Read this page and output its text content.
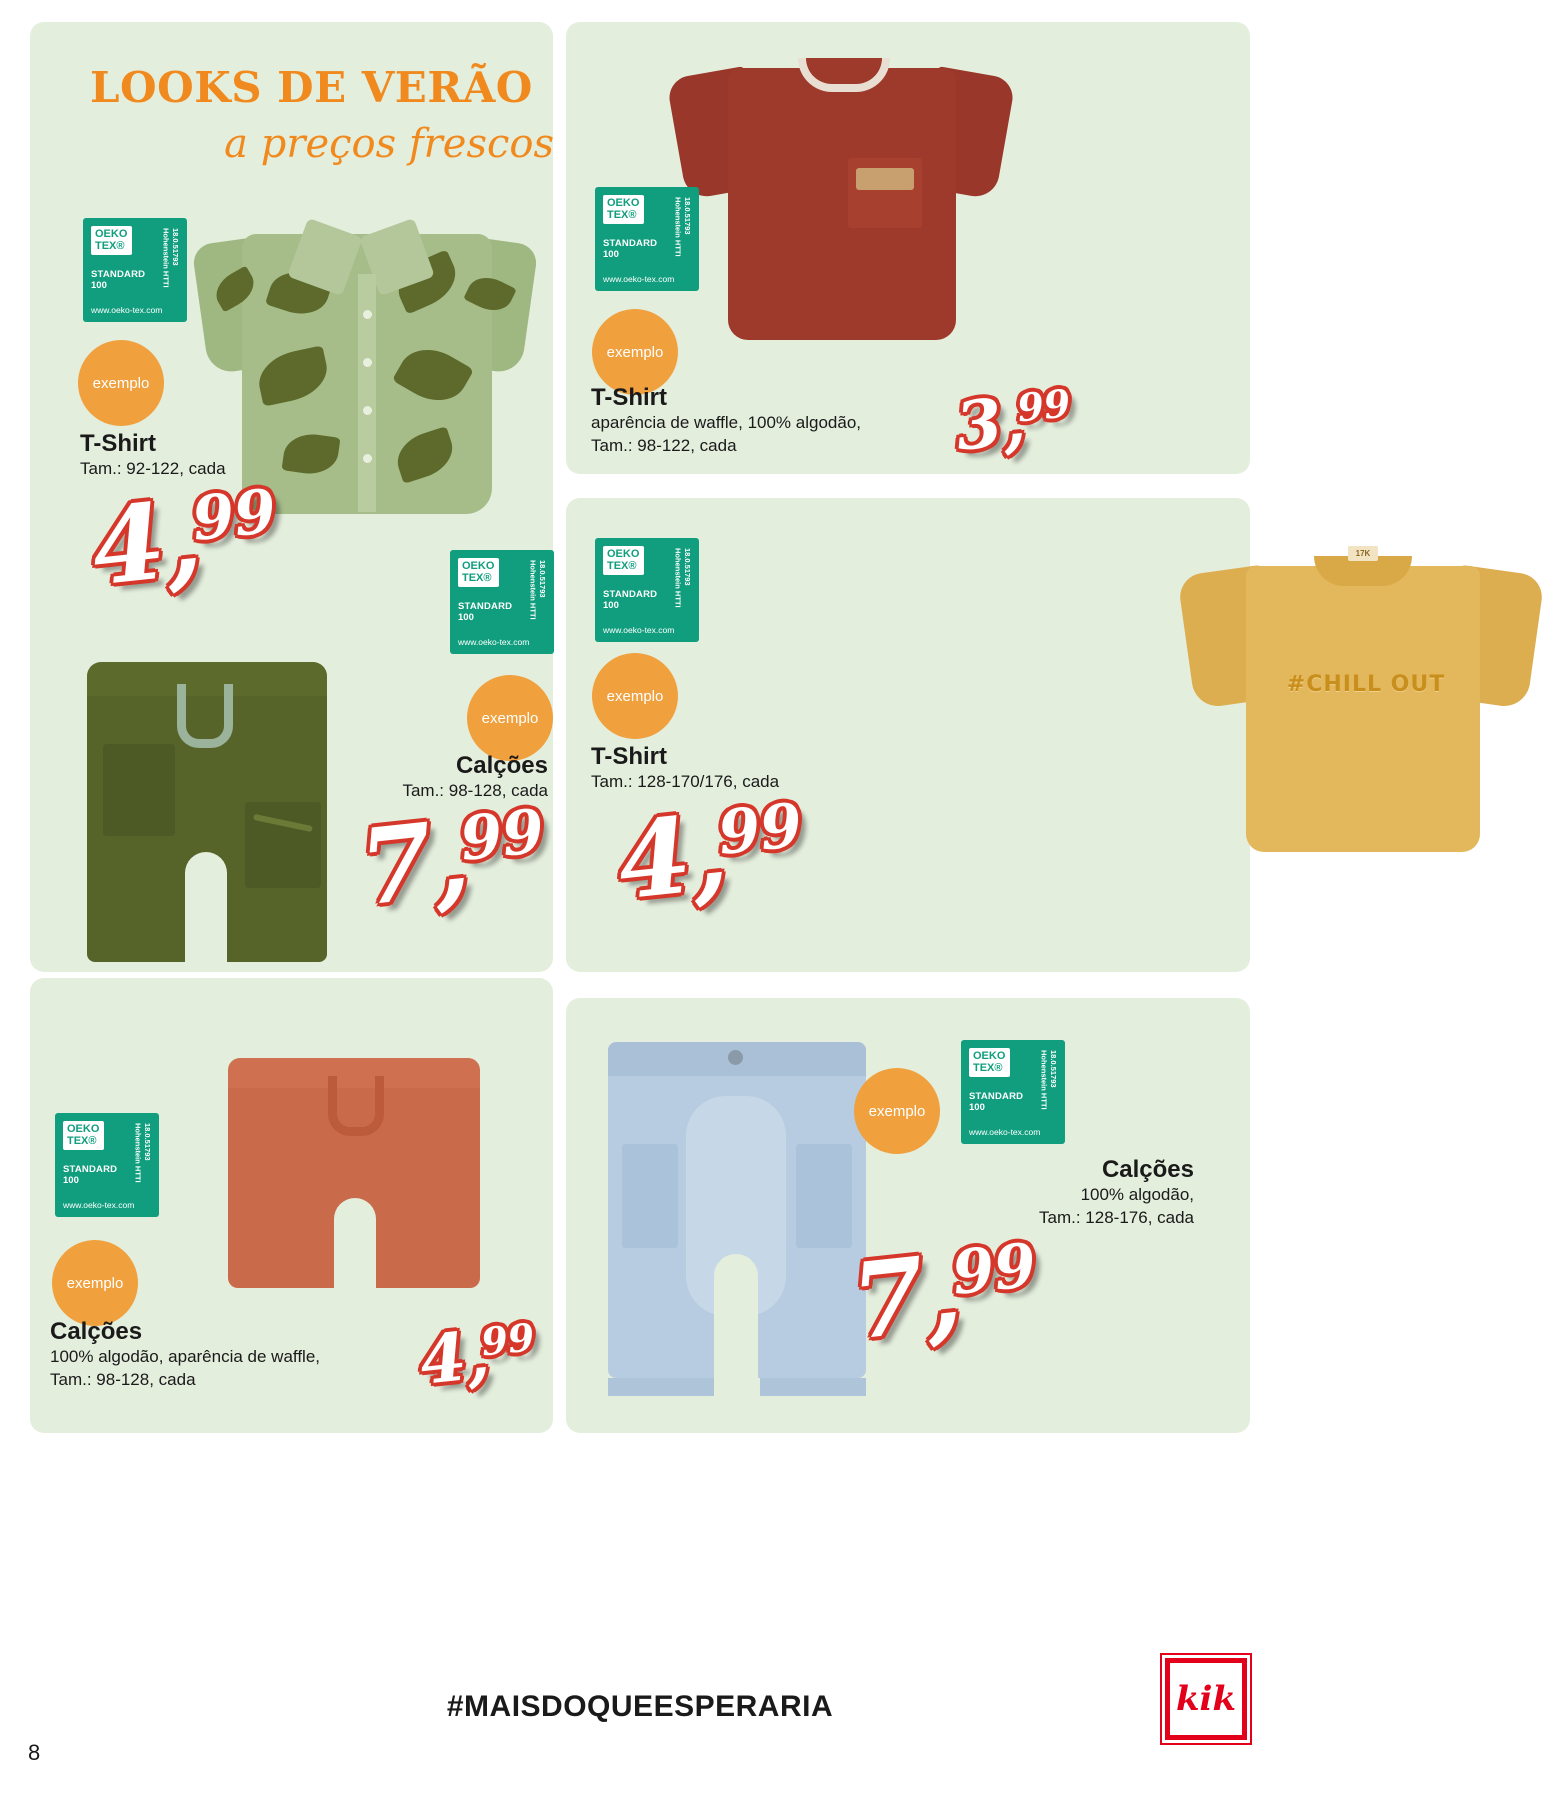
LOOKS DE VERÃO
a preços frescos
OEKO
TEX®
STANDARD
100
18.0.51793 Hohenstein HTTI
www.oeko-tex.com
exemplo
T-Shirt
Tam.: 92-122, cada
4,99
OEKO
TEX®
STANDARD
100
18.0.51793 Hohenstein HTTI
www.oeko-tex.com
exemplo
Calções
Tam.: 98-128, cada
7,99
OEKO
TEX®
STANDARD
100
18.0.51793 Hohenstein HTTI
www.oeko-tex.com
exemplo
T-Shirt
aparência de waffle, 100% algodão,
Tam.: 98-122, cada	3,99
17K
#CHILL OUT
OEKO
TEX®
STANDARD
100
18.0.51793 Hohenstein HTTI
www.oeko-tex.com
exemplo
T-Shirt
Tam.: 128-170/176, cada
4,99
OEKO
TEX®
STANDARD
100
18.0.51793 Hohenstein HTTI
www.oeko-tex.com
exemplo
Calções
100% algodão, aparência de waffle,
Tam.: 98-128, cada	4,99
OEKO
TEX®
STANDARD
100
18.0.51793 Hohenstein HTTI
www.oeko-tex.com
exemplo
Calções
100% algodão,
Tam.: 128-176, cada
7,99
#MAISDOQUEESPERARIA
8
kik
